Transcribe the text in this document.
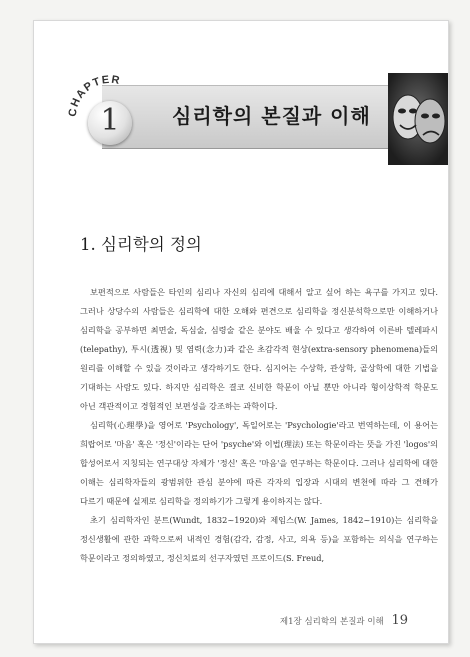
심리학의 본질과 이해
CHAPTER
1
1. 심리학의 정의

보편적으로 사람들은 타인의 심리나 자신의 심리에 대해서 알고 싶어 하는 욕구를 가지고 있다. 그러나 상당수의 사람들은 심리학에 대한 오해와 편견으로 심리학을 정신분석학으로만 이해하거나 심리학을 공부하면 최면술, 독심술, 심령술 같은 분야도 배울 수 있다고 생각하여 이른바 텔레파시(telepathy), 투시(透視) 및 염력(念力)과 같은 초감각적 현상(extra-sensory phenomena)들의 원리를 이해할 수 있을 것이라고 생각하기도 한다. 심지어는 수상학, 관상학, 골상학에 대한 기법을 기대하는 사람도 있다. 하지만 심리학은 결코 신비한 학문이 아닐 뿐만 아니라 형이상학적 학문도 아닌 객관적이고 경험적인 보편성을 강조하는 과학이다.

심리학(心理學)을 영어로 'Psychology', 독일어로는 'Psychologie'라고 번역하는데, 이 용어는 희랍어로 '마음' 혹은 '정신'이라는 단어 'psyche'와 이법(理法) 또는 학문이라는 뜻을 가진 'logos'의 합성어로서 지칭되는 연구대상 자체가 '정신' 혹은 '마음'을 연구하는 학문이다. 그러나 심리학에 대한 이해는 심리학자들의 광범위한 관심 분야에 따른 각자의 입장과 시대의 변천에 따라 그 견해가 다르기 때문에 실제로 심리학을 정의하기가 그렇게 용이하지는 않다.

초기 심리학자인 분트(Wundt, 1832~1920)와 제임스(W. James, 1842~1910)는 심리학을 정신생활에 관한 과학으로써 내적인 경험(감각, 감정, 사고, 의욕 등)을 포함하는 의식을 연구하는 학문이라고 정의하였고, 정신치료의 선구자였던 프로이드(S. Freud,

제1장 심리학의 본질과 이해 19
